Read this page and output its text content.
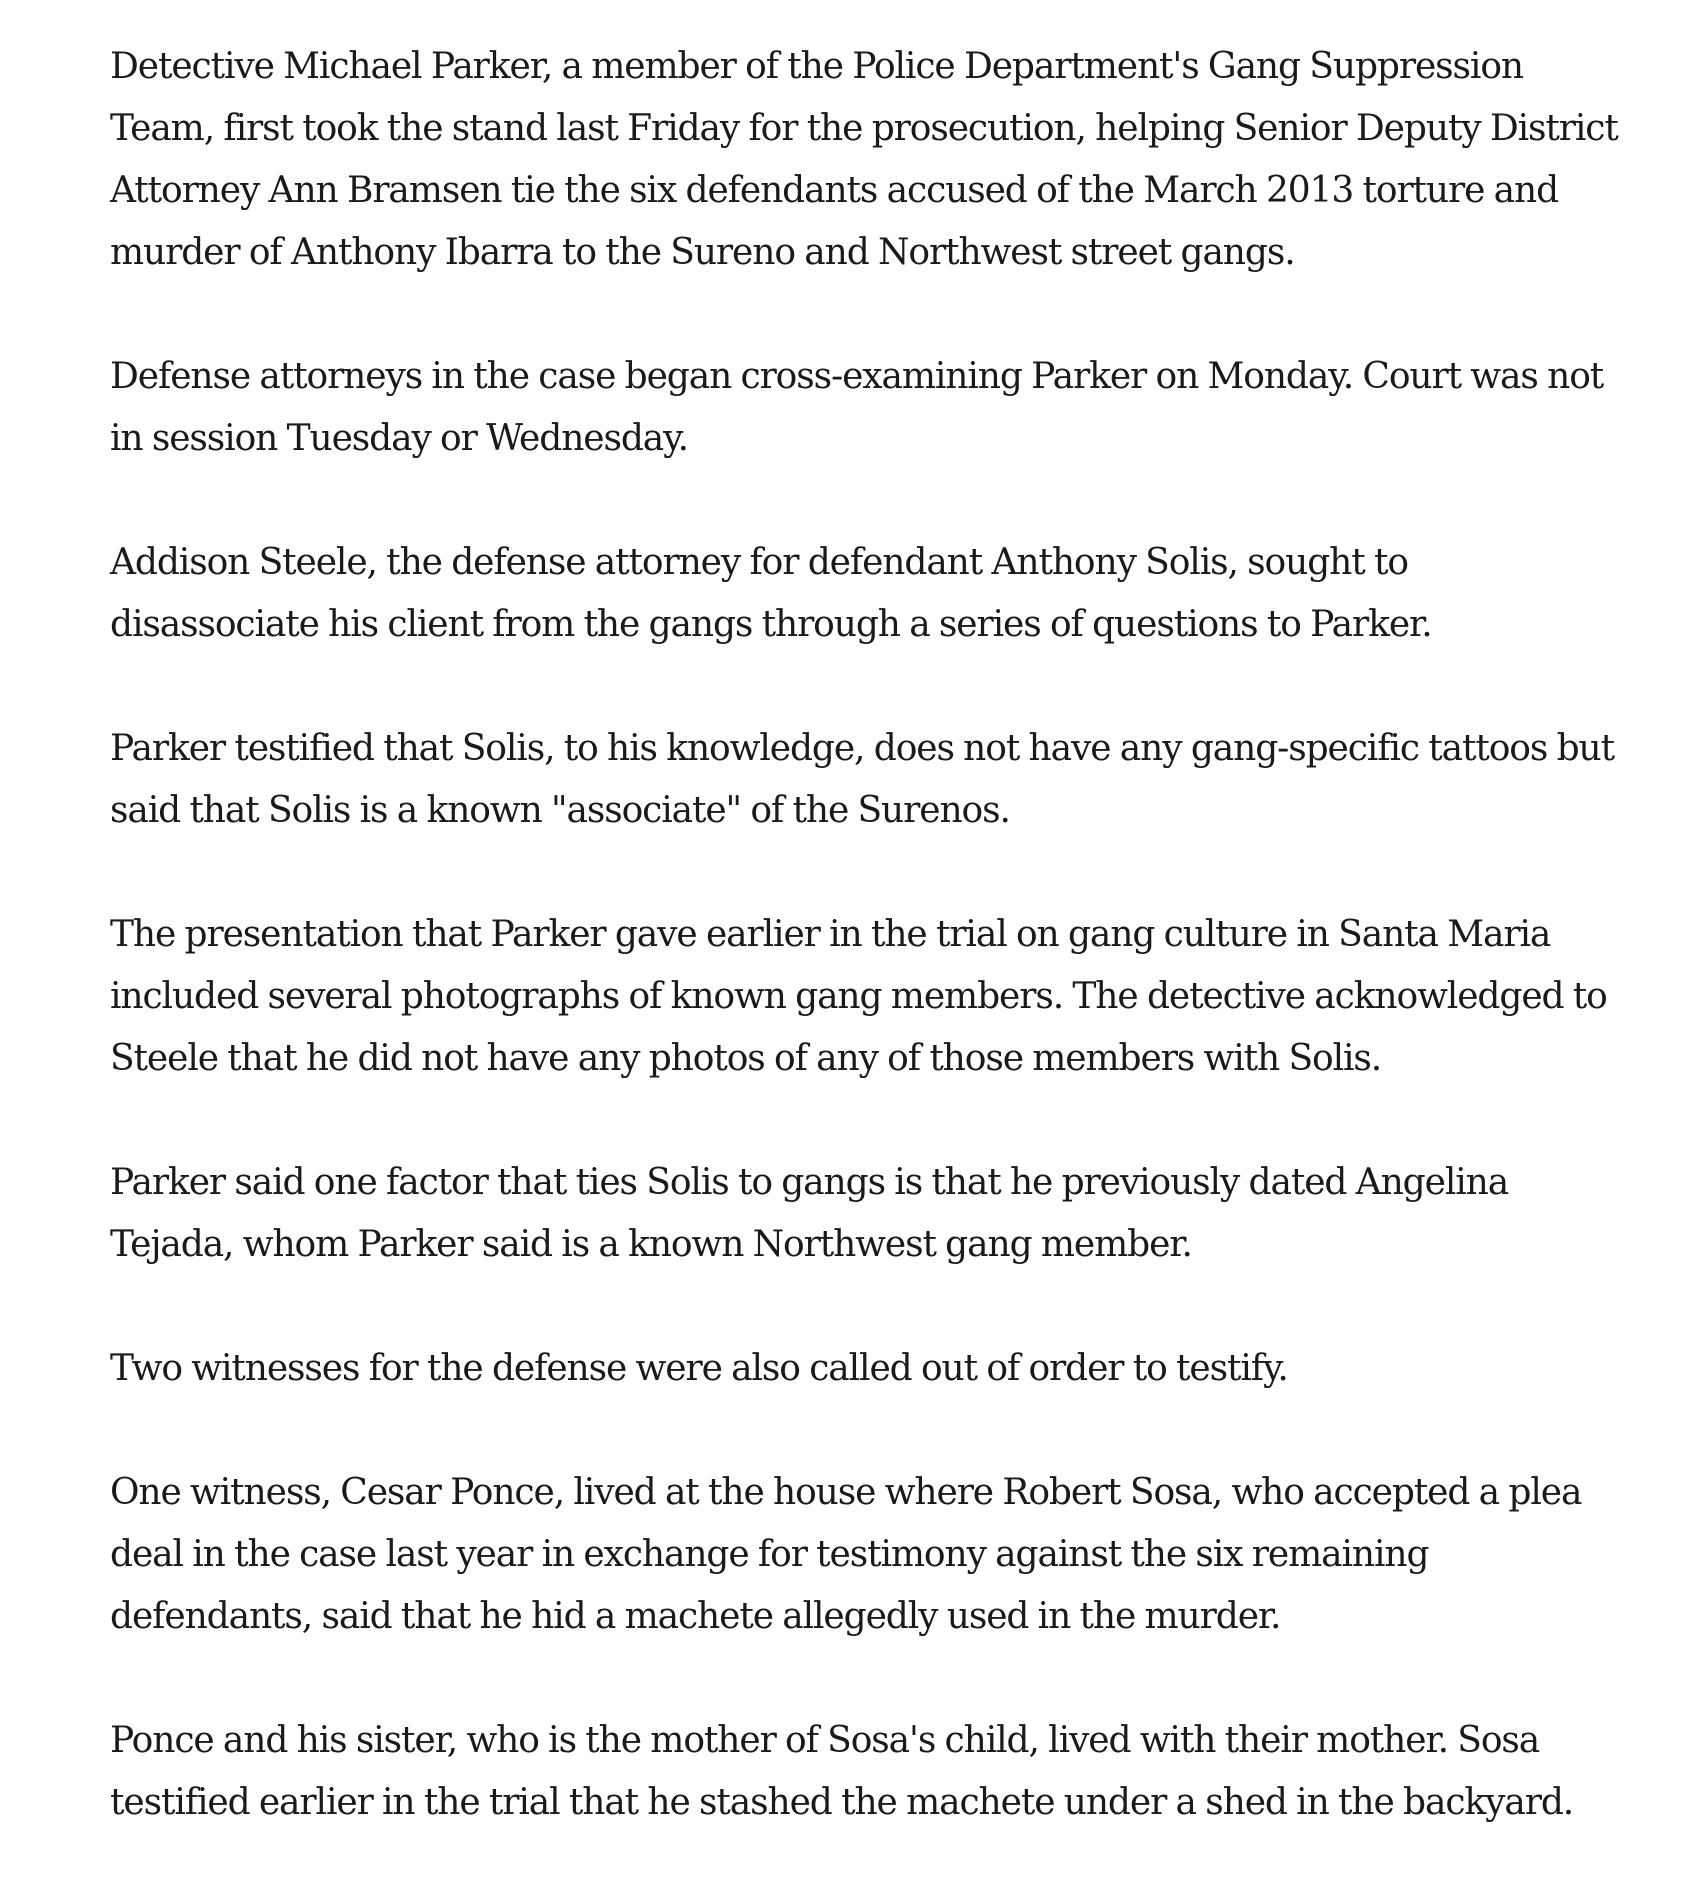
Detective Michael Parker, a member of the Police Department's Gang Suppression Team, first took the stand last Friday for the prosecution, helping Senior Deputy District Attorney Ann Bramsen tie the six defendants accused of the March 2013 torture and murder of Anthony Ibarra to the Sureno and Northwest street gangs.

Defense attorneys in the case began cross-examining Parker on Monday. Court was not in session Tuesday or Wednesday.

Addison Steele, the defense attorney for defendant Anthony Solis, sought to disassociate his client from the gangs through a series of questions to Parker.

Parker testified that Solis, to his knowledge, does not have any gang-specific tattoos but said that Solis is a known "associate" of the Surenos.

The presentation that Parker gave earlier in the trial on gang culture in Santa Maria included several photographs of known gang members. The detective acknowledged to Steele that he did not have any photos of any of those members with Solis.

Parker said one factor that ties Solis to gangs is that he previously dated Angelina Tejada, whom Parker said is a known Northwest gang member.

Two witnesses for the defense were also called out of order to testify.

One witness, Cesar Ponce, lived at the house where Robert Sosa, who accepted a plea deal in the case last year in exchange for testimony against the six remaining defendants, said that he hid a machete allegedly used in the murder.

Ponce and his sister, who is the mother of Sosa's child, lived with their mother. Sosa testified earlier in the trial that he stashed the machete under a shed in the backyard.
